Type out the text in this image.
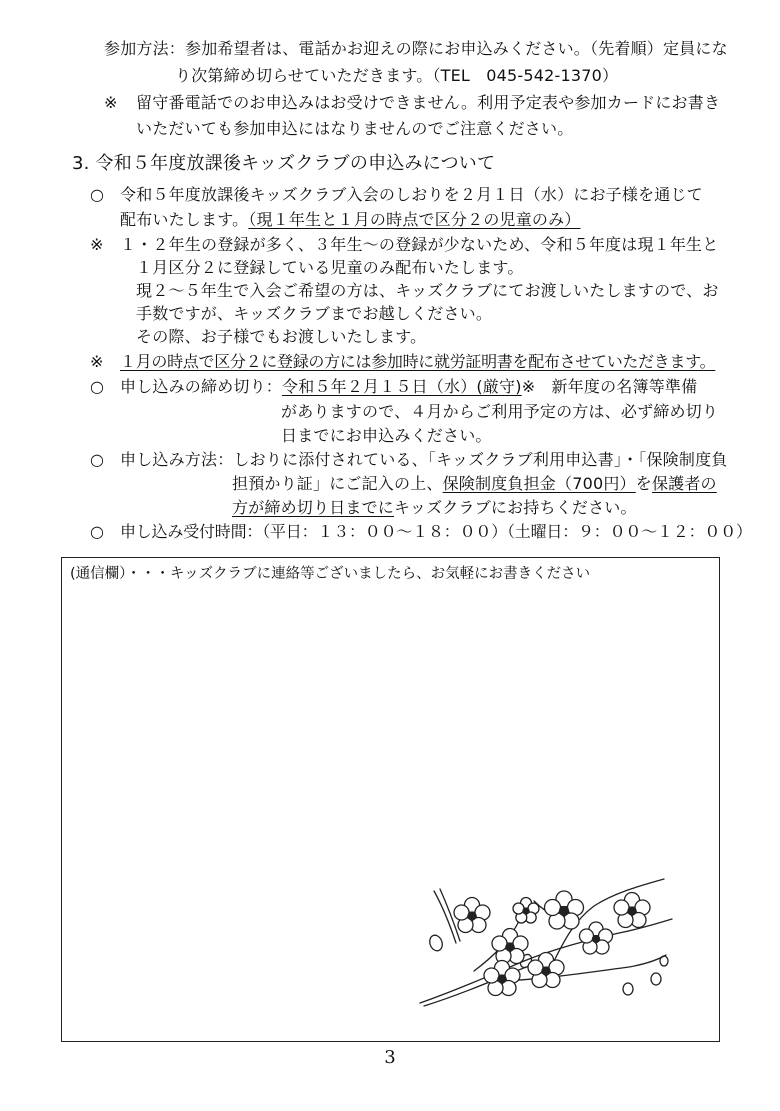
参加方法：参加希望者は、電話かお迎えの際にお申込みください。（先着順）定員にな
り次第締め切らせていただきます。（TEL　045-542-1370）
※ 留守番電話でのお申込みはお受けできません。利用予定表や参加カードにお書き
いただいても参加申込にはなりませんのでご注意ください。
3. 令和５年度放課後キッズクラブの申込みについて
○ 令和５年度放課後キッズクラブ入会のしおりを２月１日（水）にお子様を通じて
配布いたします。（現１年生と１月の時点で区分２の児童のみ）
※ １・２年生の登録が多く、３年生～の登録が少ないため、令和５年度は現１年生と
１月区分２に登録している児童のみ配布いたします。
現２～５年生で入会ご希望の方は、キッズクラブにてお渡しいたしますので、お
手数ですが、キッズクラブまでお越しください。
その際、お子様でもお渡しいたします。
※ １月の時点で区分２に登録の方には参加時に就労証明書を配布させていただきます。
○ 申し込みの締め切り：令和５年２月１５日（水）(厳守)※　新年度の名簿等準備
がありますので、４月からご利用予定の方は、必ず締め切り
日までにお申込みください。
○ 申し込み方法：しおりに添付されている、「キッズクラブ利用申込書」・「保険制度負
担預かり証」にご記入の上、保険制度負担金（700円）を保護者の
方が締め切り日までにキッズクラブにお持ちください。
○ 申し込み受付時間：（平日：１３：００～１８：００）（土曜日：９：００～１２：００）
(通信欄）・・・キッズクラブに連絡等ございましたら、お気軽にお書きください
3
